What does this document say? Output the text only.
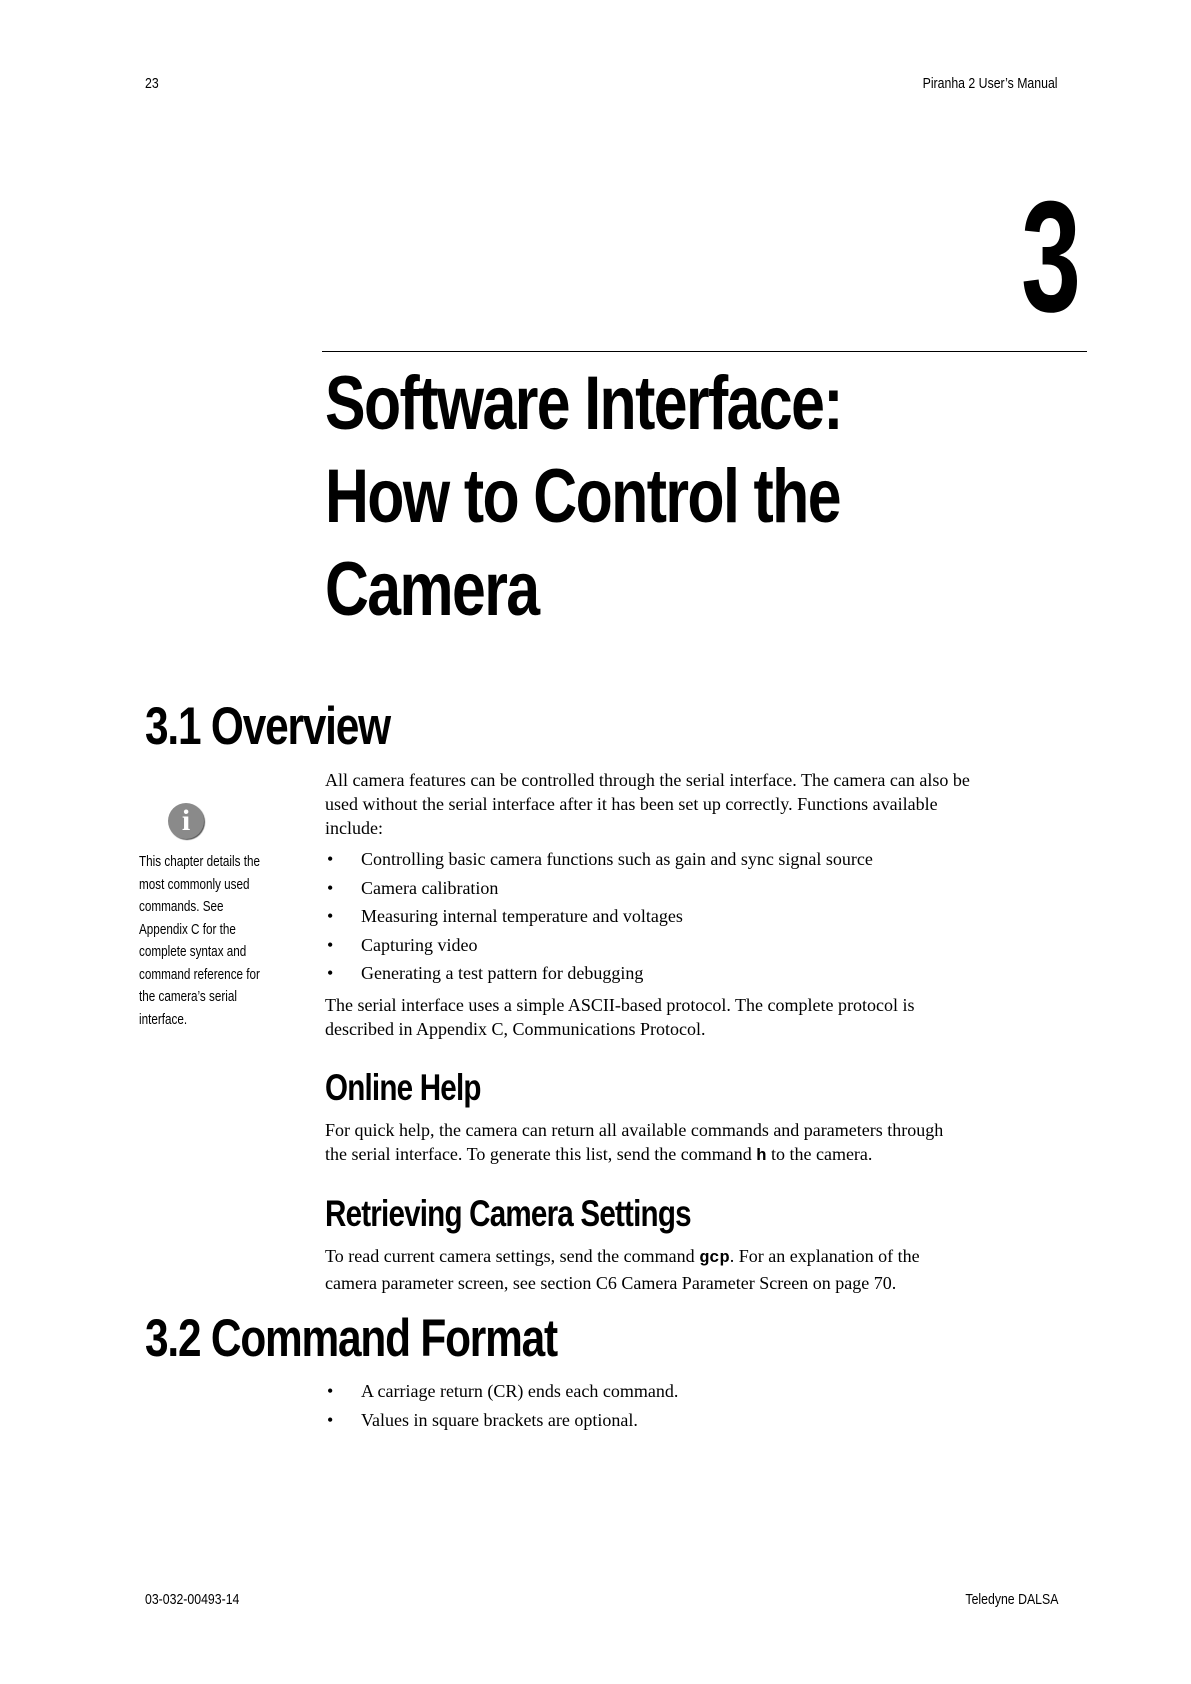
23	Piranha 2 User’s Manual
3
Software Interface:
How to Control the
Camera
3.1 Overview
i
This chapter details the
most commonly used
commands. See
Appendix C for the
complete syntax and
command reference for
the camera’s serial
interface.

All camera features can be controlled through the serial interface. The camera can also be

used without the serial interface after it has been set up correctly. Functions available

include:

• Controlling basic camera functions such as gain and sync signal source
• Camera calibration
• Measuring internal temperature and voltages
• Capturing video
• Generating a test pattern for debugging

The serial interface uses a simple ASCII-based protocol. The complete protocol is

described in Appendix C, Communications Protocol.

Online Help

For quick help, the camera can return all available commands and parameters through

the serial interface. To generate this list, send the command h to the camera.

Retrieving Camera Settings

To read current camera settings, send the command gcp. For an explanation of the

camera parameter screen, see section C6 Camera Parameter Screen on page 70.

3.2 Command Format
• A carriage return (CR) ends each command.
• Values in square brackets are optional.
03-032-00493-14	Teledyne DALSA
